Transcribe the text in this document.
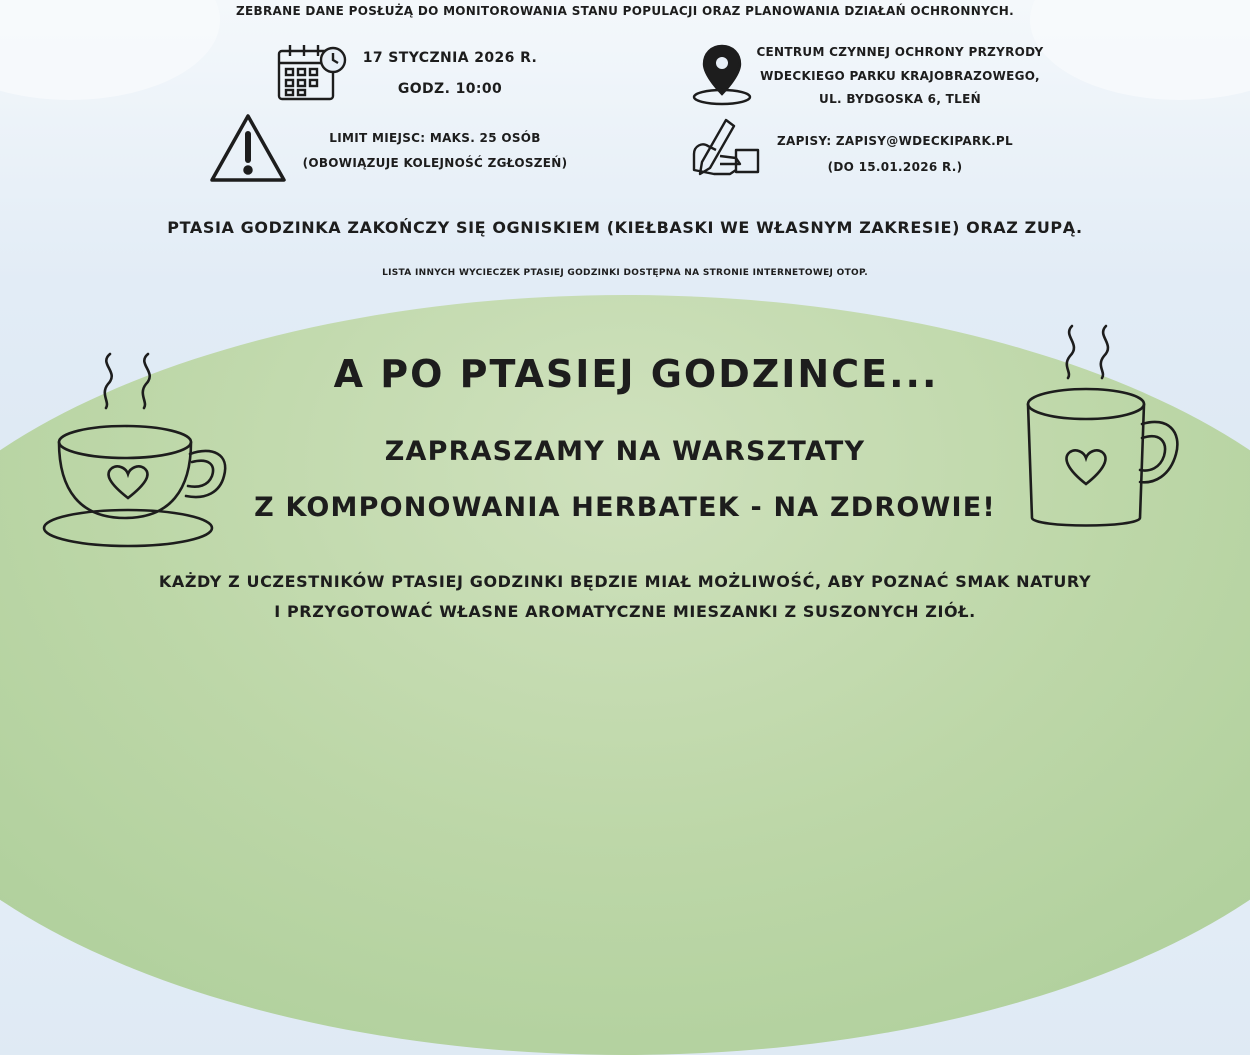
ZEBRANE DANE POSŁUŻĄ DO MONITOROWANIA STANU POPULACJI ORAZ PLANOWANIA DZIAŁAŃ OCHRONNYCH.
17 STYCZNIA 2026 R.
GODZ. 10:00
CENTRUM CZYNNEJ OCHRONY PRZYRODY
WDECKIEGO PARKU KRAJOBRAZOWEGO,
UL. BYDGOSKA 6, TLEŃ
LIMIT MIEJSC: MAKS. 25 OSÓB
(OBOWIĄZUJE KOLEJNOŚĆ ZGŁOSZEŃ)
ZAPISY: ZAPISY@WDECKIPARK.PL
(DO 15.01.2026 R.)
PTASIA GODZINKA ZAKOŃCZY SIĘ OGNISKIEM (KIEŁBASKI WE WŁASNYM ZAKRESIE) ORAZ ZUPĄ.
LISTA INNYCH WYCIECZEK PTASIEJ GODZINKI DOSTĘPNA NA STRONIE INTERNETOWEJ OTOP.
A PO PTASIEJ GODZINCE...
ZAPRASZAMY NA WARSZTATY
Z KOMPONOWANIA HERBATEK - NA ZDROWIE!
KAŻDY Z UCZESTNIKÓW PTASIEJ GODZINKI BĘDZIE MIAŁ MOŻLIWOŚĆ, ABY POZNAĆ SMAK NATURY
I PRZYGOTOWAĆ WŁASNE AROMATYCZNE MIESZANKI Z SUSZONYCH ZIÓŁ.
